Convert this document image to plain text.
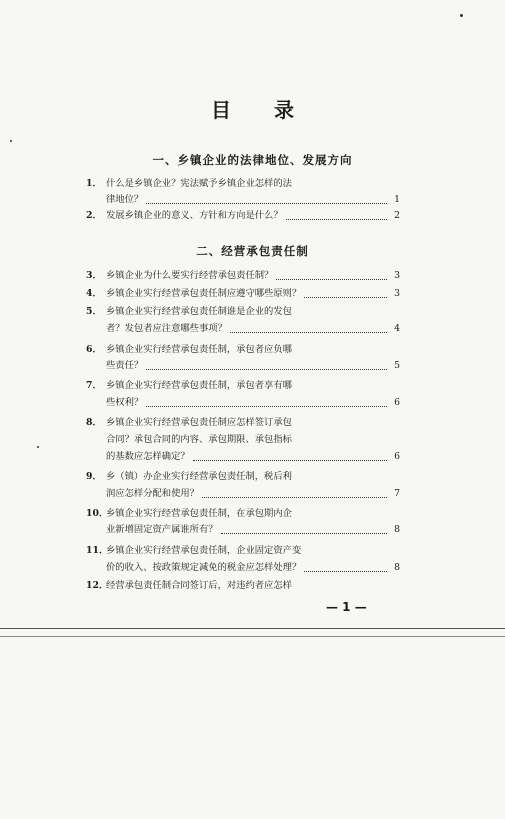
目 录
一、乡镇企业的法律地位、发展方向
1． 什么是乡镇企业？宪法赋予乡镇企业怎样的法
律地位？	1
2． 发展乡镇企业的意义、方针和方向是什么？	2
二、经营承包责任制
3． 乡镇企业为什么要实行经营承包责任制？	3
4． 乡镇企业实行经营承包责任制应遵守哪些原则？	3
5． 乡镇企业实行经营承包责任制谁是企业的发包
者？发包者应注意哪些事项？	4
6． 乡镇企业实行经营承包责任制，承包者应负哪
些责任？	5
7． 乡镇企业实行经营承包责任制，承包者享有哪
些权利？	6
8． 乡镇企业实行经营承包责任制应怎样签订承包
合同？承包合同的内容、承包期限、承包指标
的基数应怎样确定？	6
9． 乡（镇）办企业实行经营承包责任制，税后利
润应怎样分配和使用？	7
10．
乡镇企业实行经营承包责任制，在承包期内企
业新增固定资产属谁所有？	8
11．
乡镇企业实行经营承包责任制，企业固定资产变
价的收入、按政策规定减免的税金应怎样处理？	8
12．
经营承包责任制合同签订后，对违约者应怎样
— 1 —
